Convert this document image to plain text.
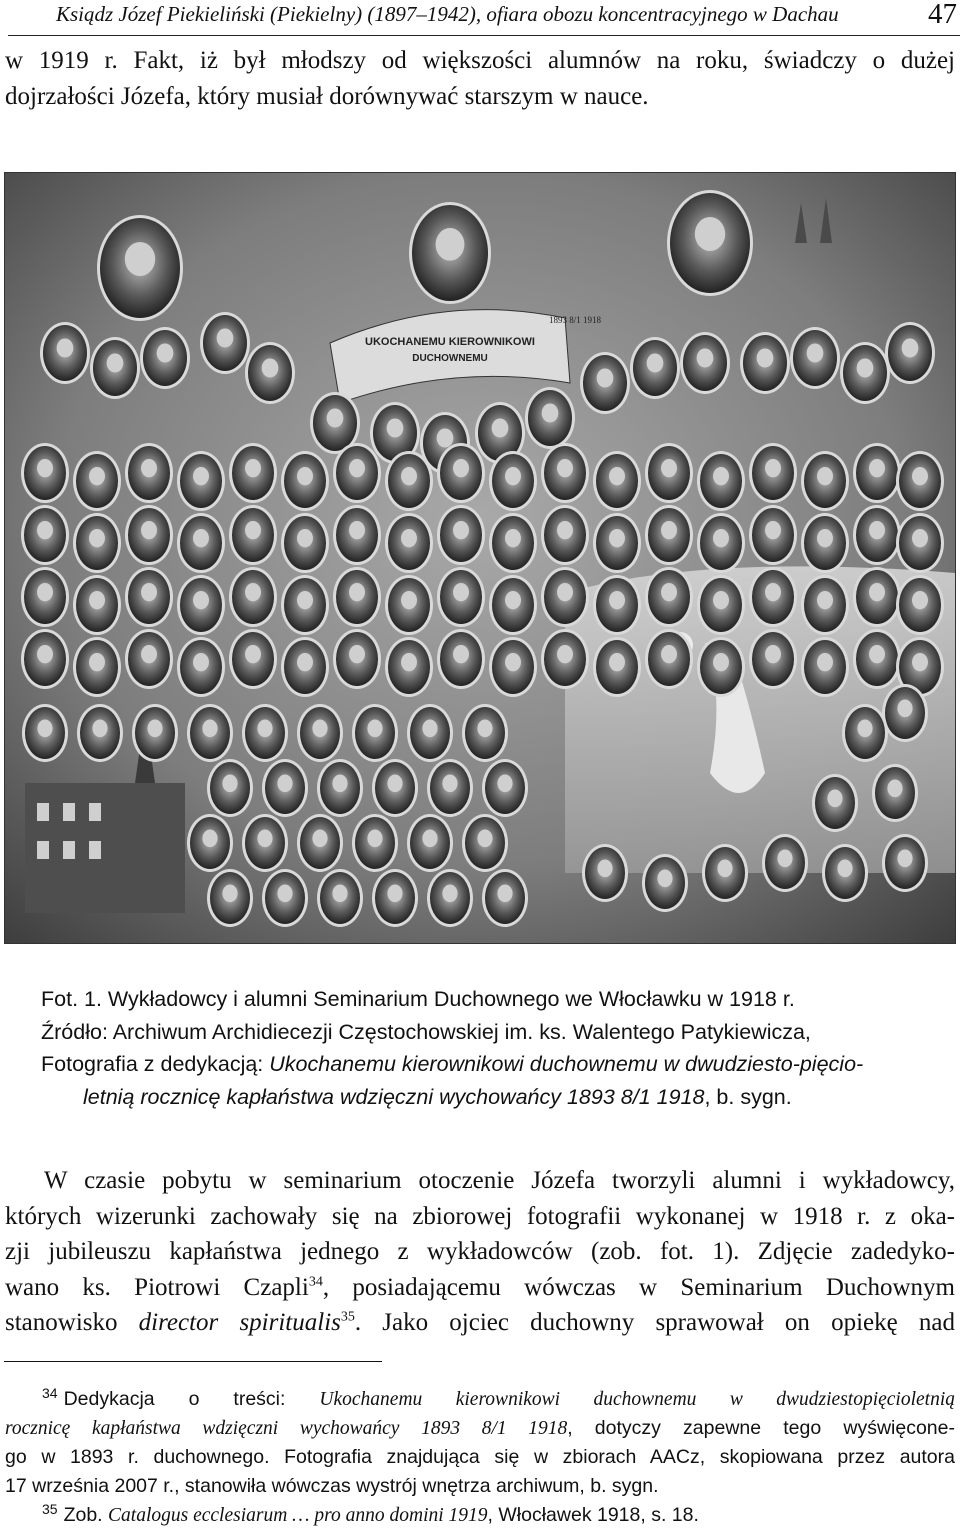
Ksiądz Józef Piekieliński (Piekielny) (1897–1942), ofiara obozu koncentracyjnego w Dachau	47
w 1919 r. Fakt, iż był młodszy od większości alumnów na roku, świadczy o dużej
dojrzałości Józefa, który musiał dorównywać starszym w nauce.
UKOCHANEMU KIEROWNIKOWI
DUCHOWNEMU
1893 8/1 1918
Fot. 1. Wykładowcy i alumni Seminarium Duchownego we Włocławku w 1918 r.
Źródło: Archiwum Archidiecezji Częstochowskiej im. ks. Walentego Patykiewicza,
Fotografia z dedykacją: Ukochanemu kierownikowi duchownemu w dwudziesto-pięcio-
letnią rocznicę kapłaństwa wdzięczni wychowańcy 1893 8/1 1918, b. sygn.
W czasie pobytu w seminarium otoczenie Józefa tworzyli alumni i wykładowcy,
których wizerunki zachowały się na zbiorowej fotografii wykonanej w 1918 r. z oka-
zji jubileuszu kapłaństwa jednego z wykładowców (zob. fot. 1). Zdjęcie zadedyko-
wano ks. Piotrowi Czapli$^{34}$, posiadającemu wówczas w Seminarium Duchownym
stanowisko director spiritualis$^{35}$. Jako ojciec duchowny sprawował on opiekę nad
$^{34}$ Dedykacja o treści: Ukochanemu kierownikowi duchownemu w dwudziestopięcioletnią
rocznicę kapłaństwa wdzięczni wychowańcy 1893 8/1 1918, dotyczy zapewne tego wyświęcone-
go w 1893 r. duchownego. Fotografia znajdująca się w zbiorach AACz, skopiowana przez autora
17 września 2007 r., stanowiła wówczas wystrój wnętrza archiwum, b. sygn.
$^{35}$ Zob. Catalogus ecclesiarum … pro anno domini 1919, Włocławek 1918, s. 18.
